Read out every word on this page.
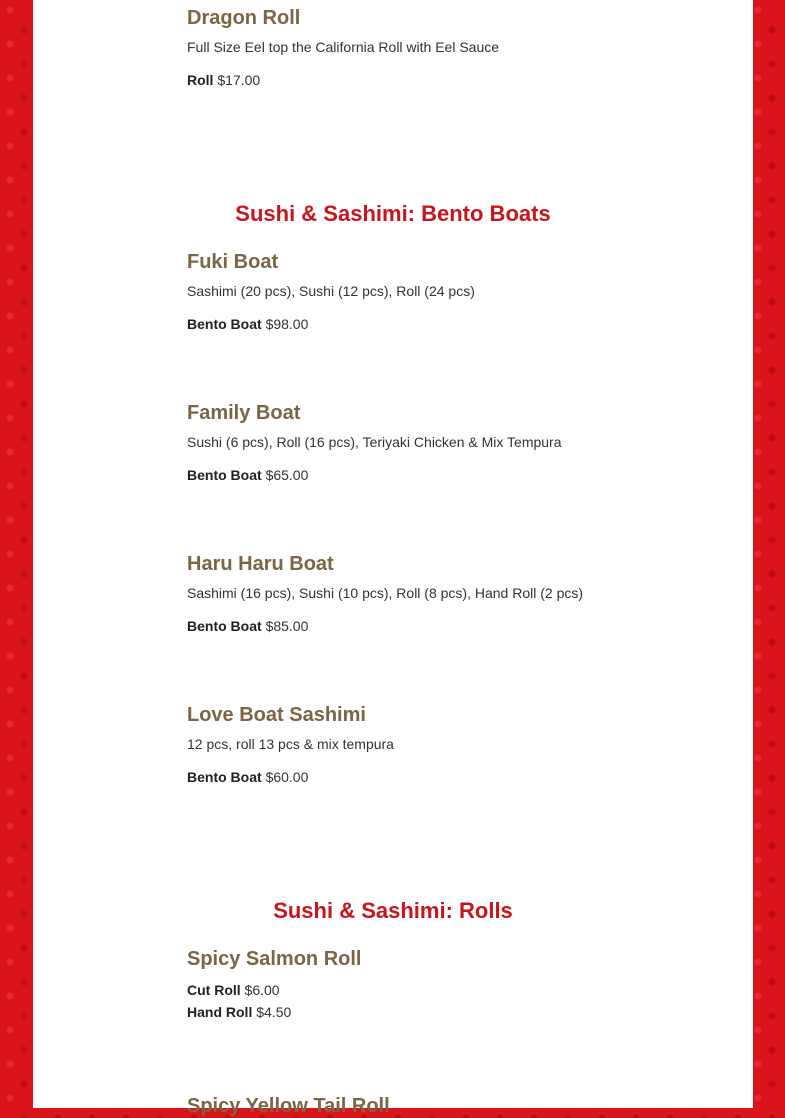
Dragon Roll

Full Size Eel top the California Roll with Eel Sauce

Roll $17.00
Sushi & Sashimi: Bento Boats
Fuki Boat

Sashimi (20 pcs), Sushi (12 pcs), Roll (24 pcs)

Bento Boat $98.00
Family Boat

Sushi (6 pcs), Roll (16 pcs), Teriyaki Chicken & Mix Tempura

Bento Boat $65.00
Haru Haru Boat

Sashimi (16 pcs), Sushi (10 pcs), Roll (8 pcs), Hand Roll (2 pcs)

Bento Boat $85.00
Love Boat Sashimi

12 pcs, roll 13 pcs & mix tempura

Bento Boat $60.00
Sushi & Sashimi: Rolls
Spicy Salmon Roll
Cut Roll $6.00
Hand Roll $4.50
Spicy Yellow Tail Roll
